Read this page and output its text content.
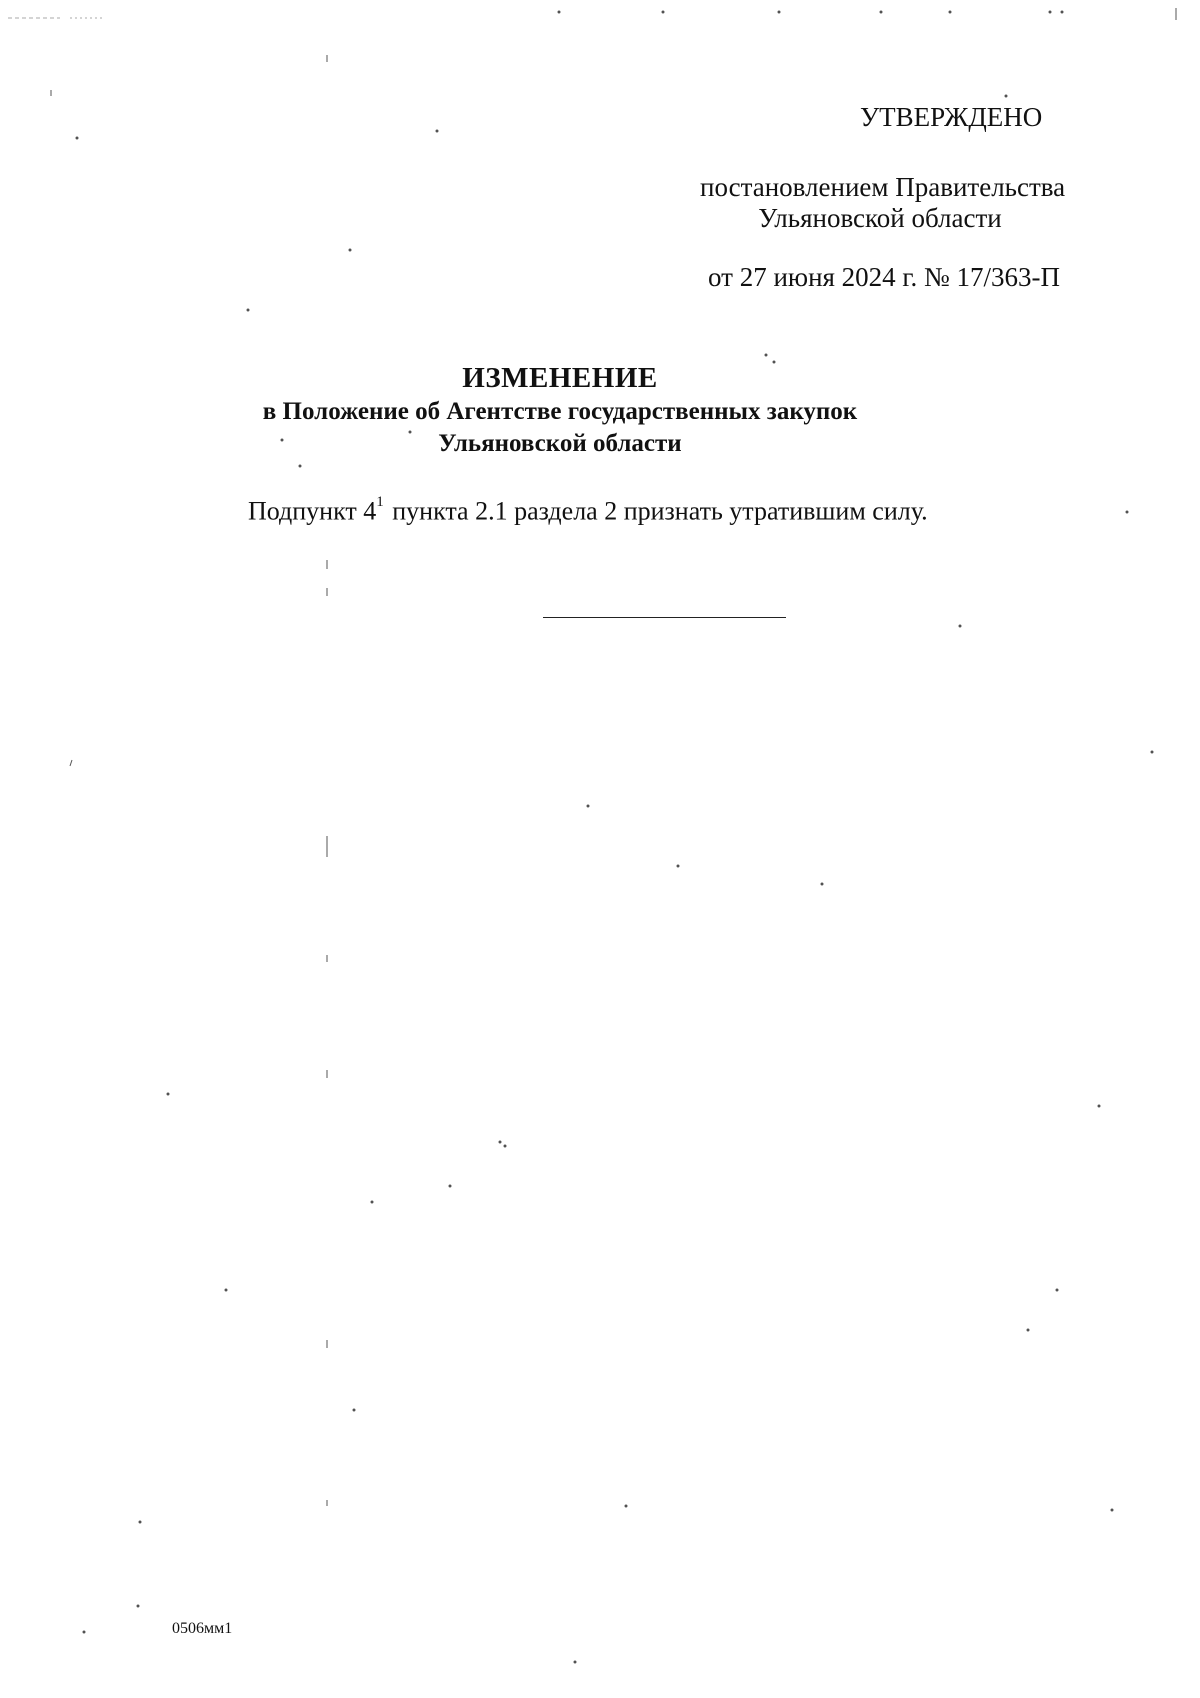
УТВЕРЖДЕНО
постановлением Правительства
Ульяновской области
от 27 июня 2024 г. № 17/363-П
ИЗМЕНЕНИЕ
в Положение об Агентстве государственных закупок
Ульяновской области
Подпункт $4^1$ пункта 2.1 раздела 2 признать утратившим силу.
0506мм1
